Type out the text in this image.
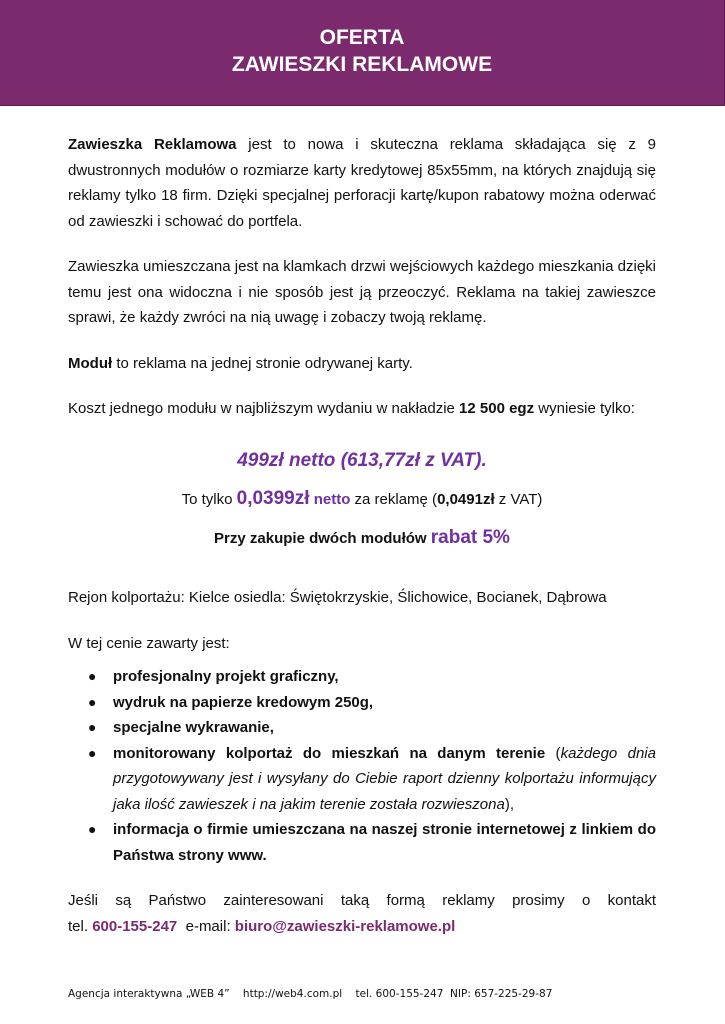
OFERTA
ZAWIESZKI REKLAMOWE

Zawieszka Reklamowa jest to nowa i skuteczna reklama składająca się z 9 dwustronnych modułów o rozmiarze karty kredytowej 85x55mm, na których znajdują się reklamy tylko 18 firm. Dzięki specjalnej perforacji kartę/kupon rabatowy można oderwać od zawieszki i schować do portfela.

Zawieszka umieszczana jest na klamkach drzwi wejściowych każdego mieszkania dzięki temu jest ona widoczna i nie sposób jest ją przeoczyć. Reklama na takiej zawieszce sprawi, że każdy zwróci na nią uwagę i zobaczy twoją reklamę.

Moduł to reklama na jednej stronie odrywanej karty.

Koszt jednego modułu w najbliższym wydaniu w nakładzie 12 500 egz wyniesie tylko:

499zł netto (613,77zł z VAT).

To tylko 0,0399zł netto za reklamę (0,0491zł z VAT)

Przy zakupie dwóch modułów rabat 5%

Rejon kolportażu: Kielce osiedla: Świętokrzyskie, Ślichowice, Bocianek, Dąbrowa

W tej cenie zawarty jest:

● profesjonalny projekt graficzny,
● wydruk na papierze kredowym 250g,
● specjalne wykrawanie,
● monitorowany kolportaż do mieszkań na danym terenie (każdego dnia przygotowywany jest i wysyłany do Ciebie raport dzienny kolportażu informujący jaka ilość zawieszek i na jakim terenie została rozwieszona),
● informacja o firmie umieszczana na naszej stronie internetowej z linkiem do Państwa strony www.

Jeśli są Państwo zainteresowani taką formą reklamy prosimy o kontakt

tel. 600-155-247  e-mail: biuro@zawieszki-reklamowe.pl

Agencja interaktywna „WEB 4”    http://web4.com.pl    tel. 600-155-247  NIP: 657-225-29-87
